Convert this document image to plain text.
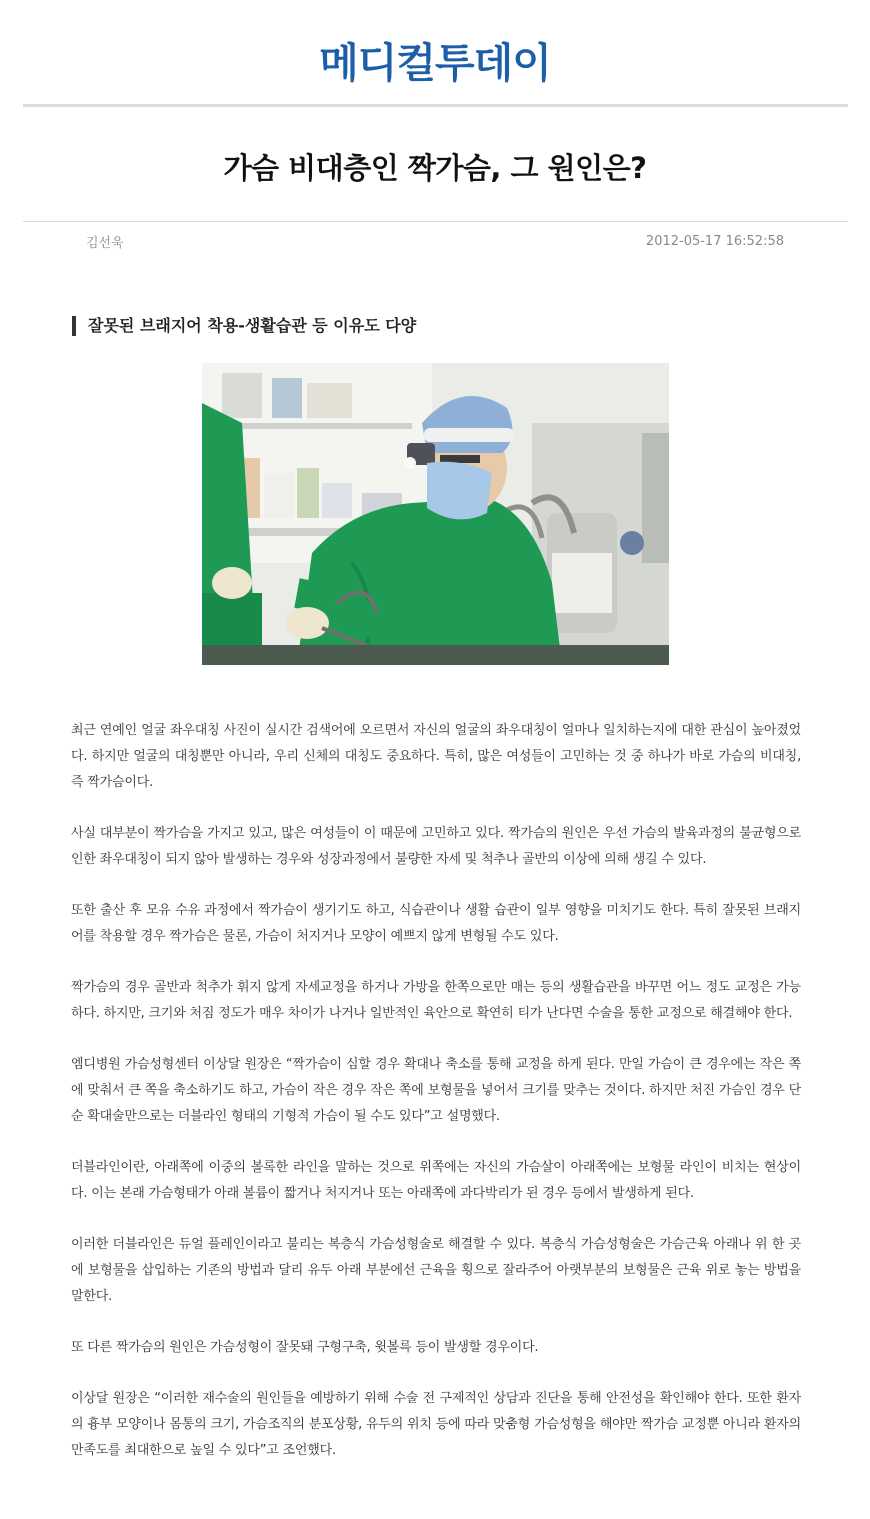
메디컬투데이
가슴 비대층인 짝가슴, 그 원인은?
김선욱	2012-05-17 16:52:58
잘못된 브래지어 착용-생활습관 등 이유도 다양

최근 연예인 얼굴 좌우대칭 사진이 실시간 검색어에 오르면서 자신의 얼굴의 좌우대칭이 얼마나 일치하는지에 대한 관심이 높아졌었다. 하지만 얼굴의 대칭뿐만 아니라, 우리 신체의 대칭도 중요하다. 특히, 많은 여성들이 고민하는 것 중 하나가 바로 가슴의 비대칭, 즉 짝가슴이다.

사실 대부분이 짝가슴을 가지고 있고, 많은 여성들이 이 때문에 고민하고 있다. 짝가슴의 원인은 우선 가슴의 발육과정의 불균형으로 인한 좌우대칭이 되지 않아 발생하는 경우와 성장과정에서 불량한 자세 및 척추나 골반의 이상에 의해 생길 수 있다.

또한 출산 후 모유 수유 과정에서 짝가슴이 생기기도 하고, 식습관이나 생활 습관이 일부 영향을 미치기도 한다. 특히 잘못된 브래지어를 착용할 경우 짝가슴은 물론, 가슴이 처지거나 모양이 예쁘지 않게 변형될 수도 있다.

짝가슴의 경우 골반과 척추가 휘지 않게 자세교정을 하거나 가방을 한쪽으로만 매는 등의 생활습관을 바꾸면 어느 정도 교정은 가능하다. 하지만, 크기와 처짐 정도가 매우 차이가 나거나 일반적인 육안으로 확연히 티가 난다면 수술을 통한 교정으로 해결해야 한다.

엠디병원 가슴성형센터 이상달 원장은 “짝가슴이 심할 경우 확대나 축소를 통해 교정을 하게 된다. 만일 가슴이 큰 경우에는 작은 쪽에 맞춰서 큰 쪽을 축소하기도 하고, 가슴이 작은 경우 작은 쪽에 보형물을 넣어서 크기를 맞추는 것이다. 하지만 처진 가슴인 경우 단순 확대술만으로는 더블라인 형태의 기형적 가슴이 될 수도 있다”고 설명했다.

더블라인이란, 아래쪽에 이중의 볼록한 라인을 말하는 것으로 위쪽에는 자신의 가슴살이 아래쪽에는 보형물 라인이 비치는 현상이다. 이는 본래 가슴형태가 아래 볼륨이 짧거나 처지거나 또는 아래쪽에 과다박리가 된 경우 등에서 발생하게 된다.

이러한 더블라인은 듀얼 플레인이라고 불리는 복층식 가슴성형술로 해결할 수 있다. 복층식 가슴성형술은 가슴근육 아래나 위 한 곳에 보형물을 삽입하는 기존의 방법과 달리 유두 아래 부분에선 근육을 횡으로 잘라주어 아랫부분의 보형물은 근육 위로 놓는 방법을 말한다.

또 다른 짝가슴의 원인은 가슴성형이 잘못돼 구형구축, 윗볼륵 등이 발생할 경우이다.

이상달 원장은 “이러한 재수술의 원인들을 예방하기 위해 수술 전 구제적인 상담과 진단을 통해 안전성을 확인해야 한다. 또한 환자의 흉부 모양이나 몸통의 크기, 가슴조직의 분포상황, 유두의 위치 등에 따라 맞춤형 가슴성형을 해야만 짝가슴 교정뿐 아니라 환자의 만족도를 최대한으로 높일 수 있다”고 조언했다.
